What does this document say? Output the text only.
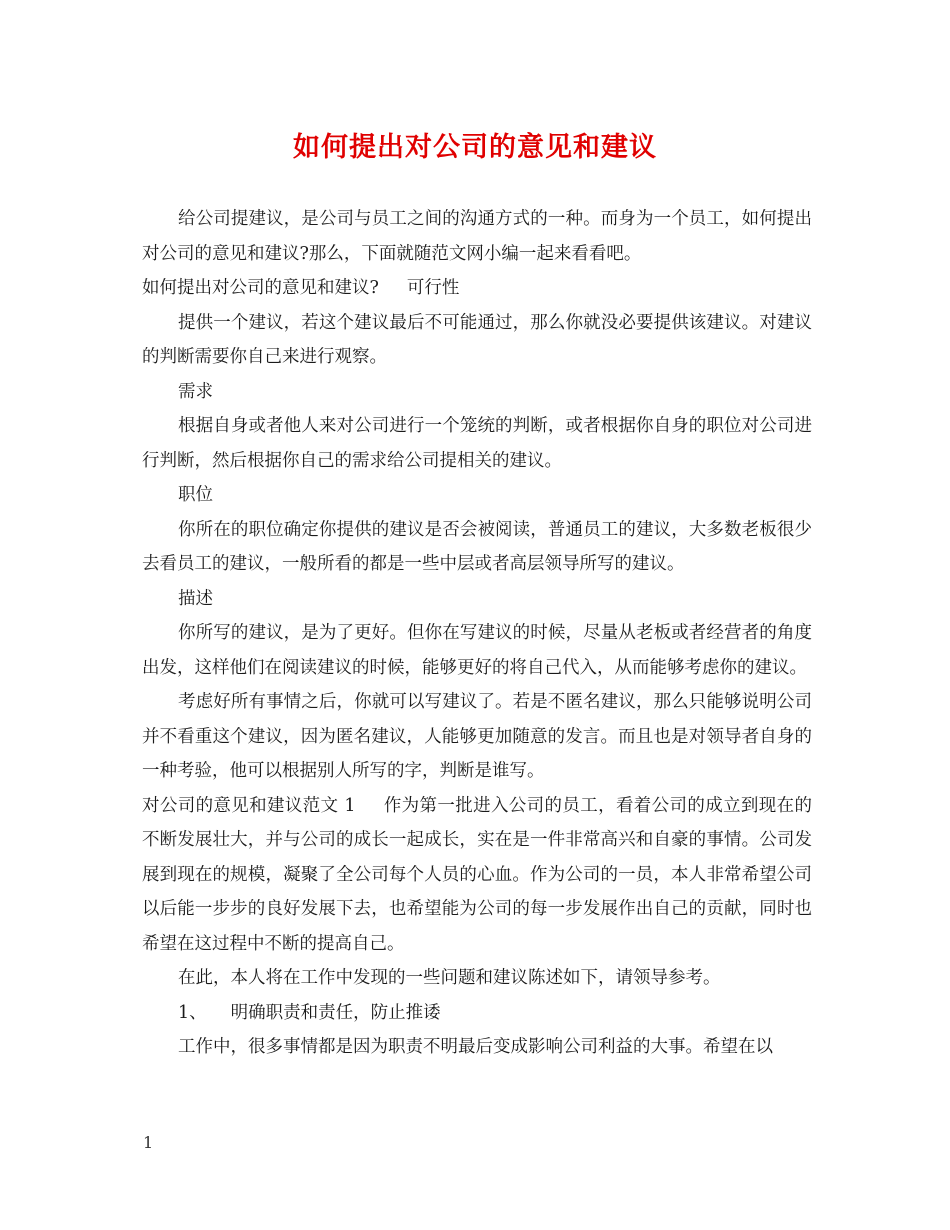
如何提出对公司的意见和建议

给公司提建议，是公司与员工之间的沟通方式的一种。而身为一个员工，如何提出对公司的意见和建议?那么，下面就随范文网小编一起来看看吧。

如何提出对公司的意见和建议? 可行性

提供一个建议，若这个建议最后不可能通过，那么你就没必要提供该建议。对建议的判断需要你自己来进行观察。

需求

根据自身或者他人来对公司进行一个笼统的判断，或者根据你自身的职位对公司进行判断，然后根据你自己的需求给公司提相关的建议。

职位

你所在的职位确定你提供的建议是否会被阅读，普通员工的建议，大多数老板很少去看员工的建议，一般所看的都是一些中层或者高层领导所写的建议。

描述

你所写的建议，是为了更好。但你在写建议的时候，尽量从老板或者经营者的角度出发，这样他们在阅读建议的时候，能够更好的将自己代入，从而能够考虑你的建议。

考虑好所有事情之后，你就可以写建议了。若是不匿名建议，那么只能够说明公司并不看重这个建议，因为匿名建议，人能够更加随意的发言。而且也是对领导者自身的一种考验，他可以根据别人所写的字，判断是谁写。

对公司的意见和建议范文 1 作为第一批进入公司的员工，看着公司的成立到现在的不断发展壮大，并与公司的成长一起成长，实在是一件非常高兴和自豪的事情。公司发展到现在的规模，凝聚了全公司每个人员的心血。作为公司的一员，本人非常希望公司以后能一步步的良好发展下去，也希望能为公司的每一步发展作出自己的贡献，同时也希望在这过程中不断的提高自己。

在此，本人将在工作中发现的一些问题和建议陈述如下，请领导参考。

1、 明确职责和责任，防止推诿

工作中，很多事情都是因为职责不明最后变成影响公司利益的大事。希望在以

1
